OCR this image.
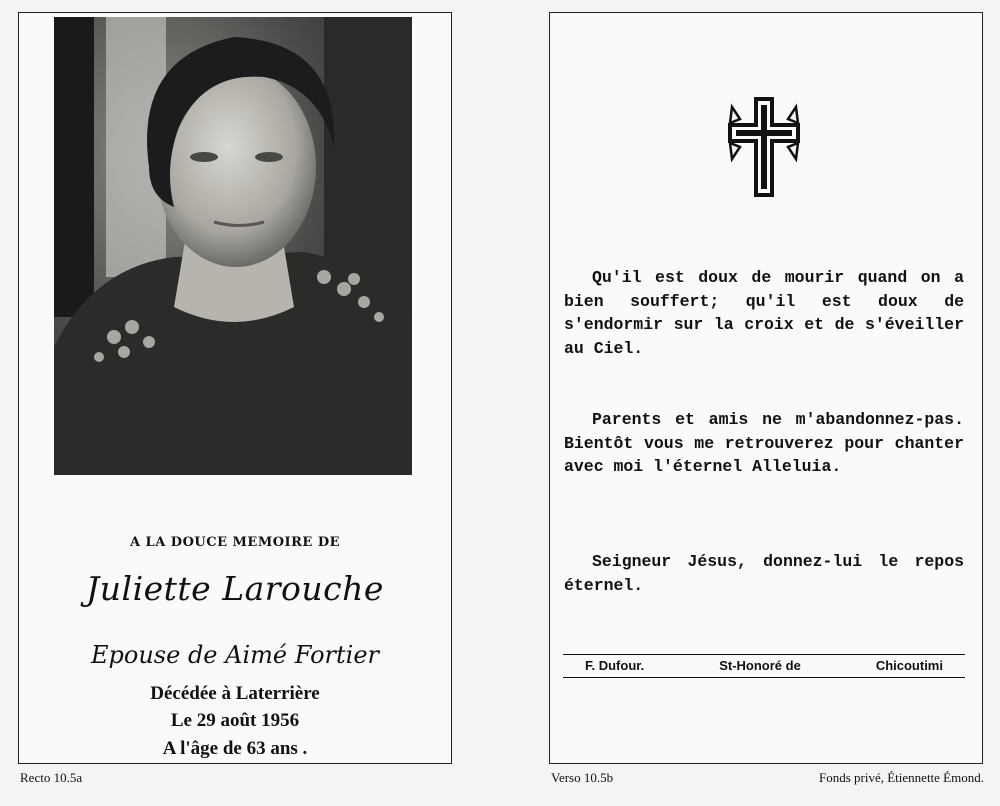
A LA DOUCE MEMOIRE DE
Juliette Larouche
Epouse de Aimé Fortier
Décédée à Laterrière
Le 29 août 1956
A l'âge de 63 ans .

Qu'il est doux de mourir quand on a bien souffert; qu'il est doux de s'endormir sur la croix et de s'éveiller au Ciel.

Parents et amis ne m'abandonnez-pas. Bientôt vous me retrouverez pour chanter avec moi l'éternel Alleluia.

Seigneur Jésus, donnez-lui le repos éternel.

F. Dufour.	St-Honoré de	Chicoutimi
Recto 10.5a	Verso 10.5b	Fonds privé, Étiennette Émond.
